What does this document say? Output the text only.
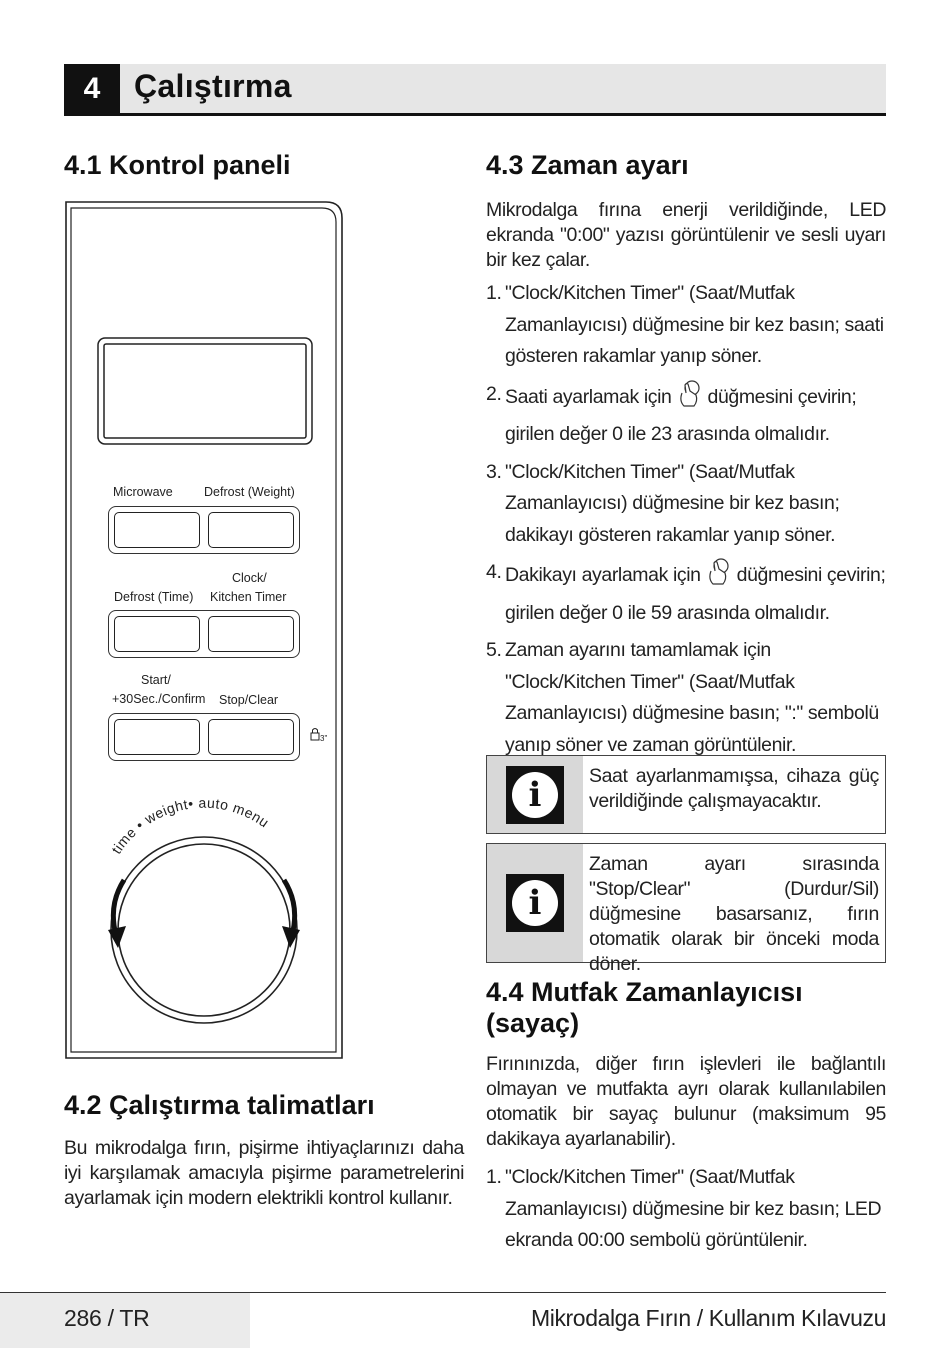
4	Çalıştırma
4.1 Kontrol paneli
time • weight• auto menu
Microwave	Defrost (Weight)
Defrost (Time)
Clock/
Kitchen Timer
Start/
+30Sec./Confirm Stop/Clear
3"
4.2 Çalıştırma talimatları
Bu mikrodalga fırın, pişirme ihtiyaçlarınızı daha iyi karşılamak amacıyla pişirme parametrelerini ayarlamak için modern elektrikli kontrol kullanır.
4.3 Zaman ayarı
Mikrodalga fırına enerji verildiğinde, LED ekranda "0:00" yazısı görüntülenir ve sesli uyarı bir kez çalar.
1. "Clock/Kitchen Timer" (Saat/Mutfak Zamanlayıcısı) düğmesine bir kez basın; saati gösteren rakamlar yanıp söner.
2. Saati ayarlamak için düğmesini çevirin; girilen değer 0 ile 23 arasında olmalıdır.
3. "Clock/Kitchen Timer" (Saat/Mutfak Zamanlayıcısı) düğmesine bir kez basın; dakikayı gösteren rakamlar yanıp söner.
4. Dakikayı ayarlamak için düğmesini çevirin; girilen değer 0 ile 59 arasında olmalıdır.
5. Zaman ayarını tamamlamak için "Clock/Kitchen Timer" (Saat/Mutfak Zamanlayıcısı) düğmesine basın; ":" sembolü yanıp söner ve zaman görüntülenir.
i	Saat ayarlanmamışsa, cihaza güç verildiğinde çalışmayacaktır.
i
Zaman ayarı sırasında "Stop/Clear" (Durdur/Sil) düğmesine basarsanız, fırın otomatik olarak bir önceki moda döner.
4.4 Mutfak Zamanlayıcısı (sayaç)
Fırınınızda, diğer fırın işlevleri ile bağlantılı olmayan ve mutfakta ayrı olarak kullanılabilen otomatik bir sayaç bulunur (maksimum 95 dakikaya ayarlanabilir).
1. "Clock/Kitchen Timer" (Saat/Mutfak Zamanlayıcısı) düğmesine bir kez basın; LED ekranda 00:00 sembolü görüntülenir.
286 / TR	Mikrodalga Fırın / Kullanım Kılavuzu
